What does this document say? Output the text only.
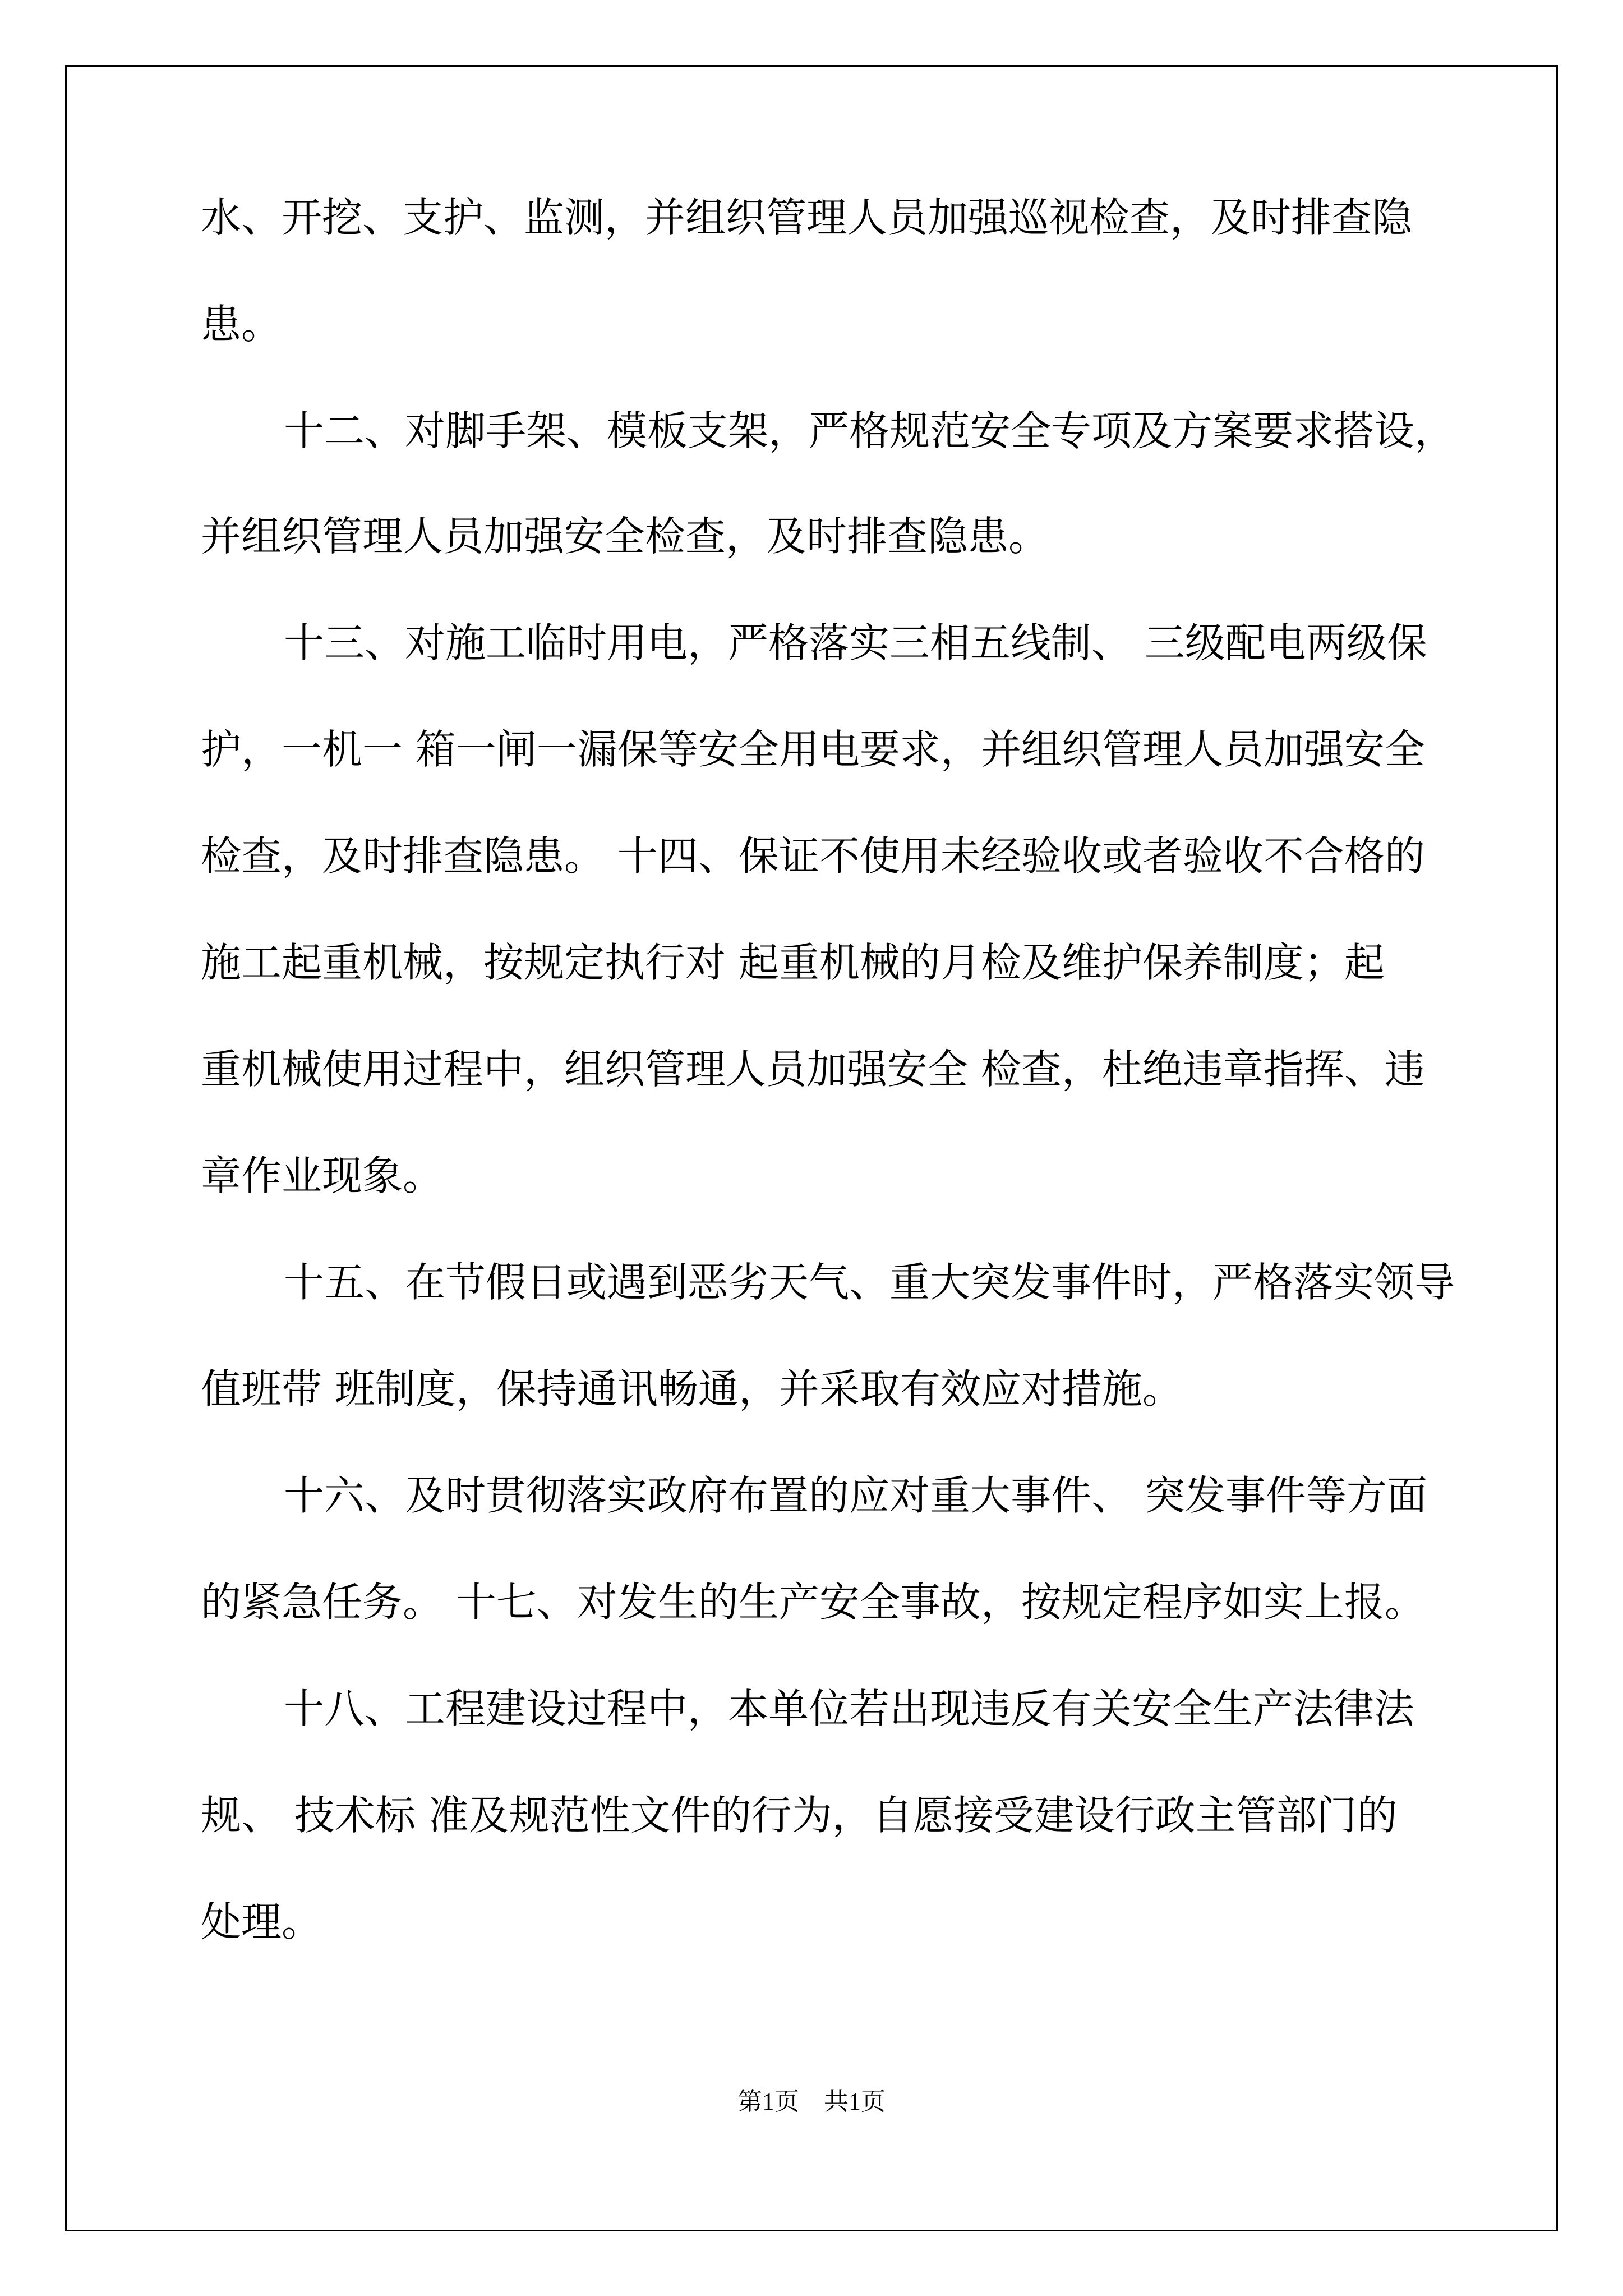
水、开挖、支护、监测，并组织管理人员加强巡视检查，及时排查隐
患。
十二、对脚手架、模板支架，严格规范安全专项及方案要求搭设，
并组织管理人员加强安全检查，及时排查隐患。
十三、对施工临时用电，严格落实三相五线制、 三级配电两级保
护，一机一 箱一闸一漏保等安全用电要求，并组织管理人员加强安全
检查，及时排查隐患。 十四、保证不使用未经验收或者验收不合格的
施工起重机械，按规定执行对 起重机械的月检及维护保养制度；起
重机械使用过程中，组织管理人员加强安全 检查，杜绝违章指挥、违
章作业现象。
十五、在节假日或遇到恶劣天气、重大突发事件时，严格落实领导
值班带 班制度，保持通讯畅通，并采取有效应对措施。
十六、及时贯彻落实政府布置的应对重大事件、 突发事件等方面
的紧急任务。 十七、对发生的生产安全事故，按规定程序如实上报。
十八、工程建设过程中，本单位若出现违反有关安全生产法律法
规、 技术标 准及规范性文件的行为，自愿接受建设行政主管部门的
处理。
第1页　共1页
